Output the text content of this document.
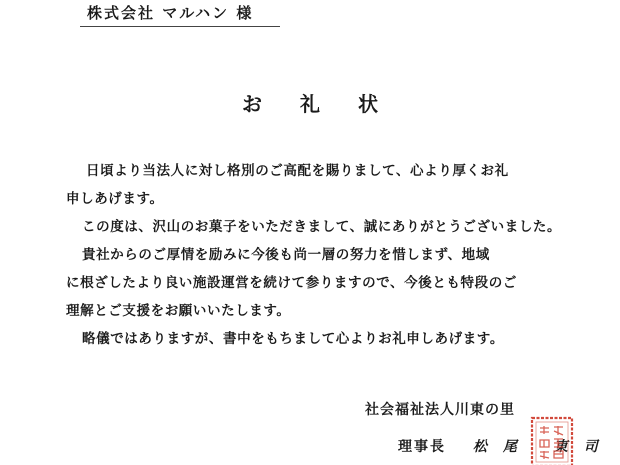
株式会社 マルハン 様
お礼状
日頃より当法人に対し格別のご高配を賜りまして、心より厚くお礼
申しあげます。
この度は、沢山のお菓子をいただきまして、誠にありがとうございました。
貴社からのご厚情を励みに今後も尚一層の努力を惜しまず、地域
に根ざしたより良い施設運営を続けて参りますので、今後とも特段のご
理解とご支援をお願いいたします。
略儀ではありますが、書中をもちまして心よりお礼申しあげます。
社会福祉法人川東の里
理事長 松尾 東司
